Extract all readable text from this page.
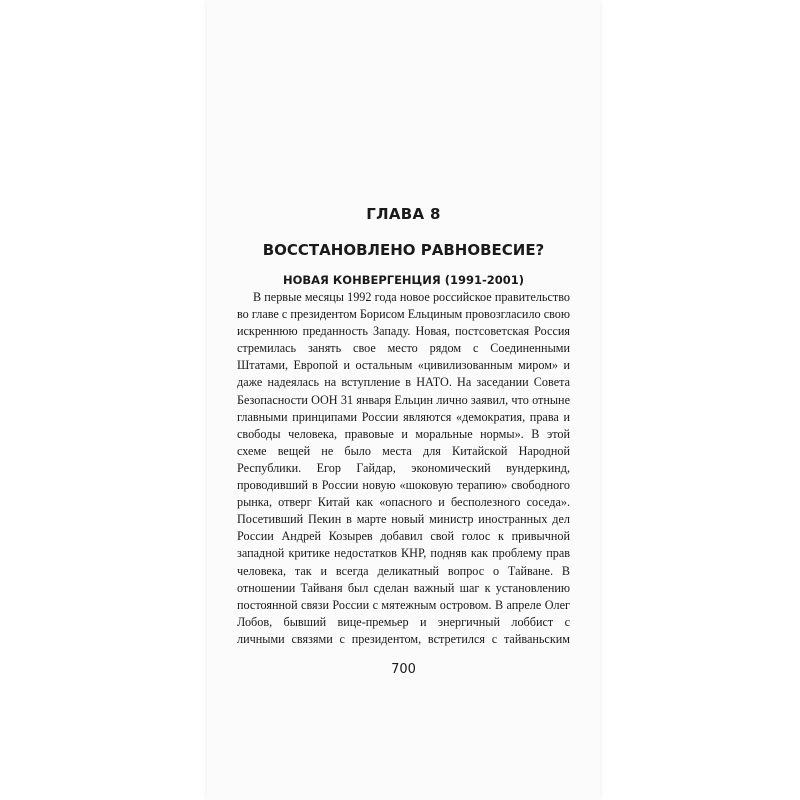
ГЛАВА 8
ВОССТАНОВЛЕНО РАВНОВЕСИЕ?
НОВАЯ КОНВЕРГЕНЦИЯ (1991-2001)

В первые месяцы 1992 года новое российское правительство во главе с президентом Борисом Ельциным провозгласило свою искреннюю преданность Западу. Новая, постсоветская Россия стремилась занять свое место рядом с Соединенными Штатами, Европой и остальным «цивилизованным миром» и даже надеялась на вступление в НАТО. На заседании Совета Безопасности ООН 31 января Ельцин лично заявил, что отныне главными принципами России являются «демократия, права и свободы человека, правовые и моральные нормы». В этой схеме вещей не было места для Китайской Народной Республики. Егор Гайдар, экономический вундеркинд, проводивший в России новую «шоковую терапию» свободного рынка, отверг Китай как «опасного и бесполезного соседа». Посетивший Пекин в марте новый министр иностранных дел России Андрей Козырев добавил свой голос к привычной западной критике недостатков КНР, подняв как проблему прав человека, так и всегда деликатный вопрос о Тайване. В отношении Тайваня был сделан важный шаг к установлению постоянной связи России с мятежным островом. В апреле Олег Лобов, бывший вице-премьер и энергичный лоббист с личными связями с президентом, встретился с тайваньским

700
